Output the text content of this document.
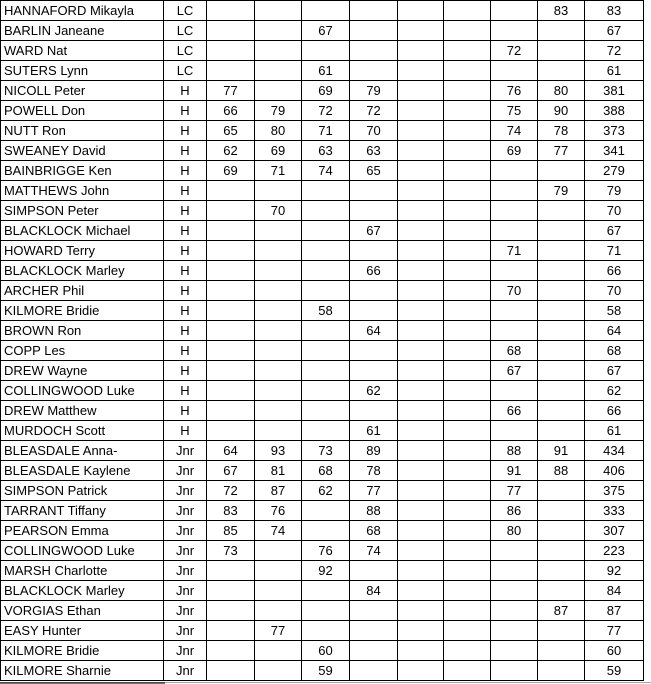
HANNAFORD Mikayla	LC								83	83
BARLIN Janeane	LC			67						67
WARD Nat	LC							72		72
SUTERS Lynn	LC			61						61
NICOLL Peter	H	77		69	79			76	80	381
POWELL Don	H	66	79	72	72			75	90	388
NUTT Ron	H	65	80	71	70			74	78	373
SWEANEY David	H	62	69	63	63			69	77	341
BAINBRIGGE Ken	H	69	71	74	65					279
MATTHEWS John	H								79	79
SIMPSON Peter	H		70							70
BLACKLOCK Michael	H				67					67
HOWARD Terry	H							71		71
BLACKLOCK Marley	H				66					66
ARCHER Phil	H							70		70
KILMORE Bridie	H			58						58
BROWN Ron	H				64					64
COPP Les	H							68		68
DREW Wayne	H							67		67
COLLINGWOOD Luke	H				62					62
DREW Matthew	H							66		66
MURDOCH Scott	H				61					61
BLEASDALE Anna-	Jnr	64	93	73	89			88	91	434
BLEASDALE Kaylene	Jnr	67	81	68	78			91	88	406
SIMPSON Patrick	Jnr	72	87	62	77			77		375
TARRANT Tiffany	Jnr	83	76		88			86		333
PEARSON Emma	Jnr	85	74		68			80		307
COLLINGWOOD Luke	Jnr	73		76	74					223
MARSH Charlotte	Jnr			92						92
BLACKLOCK Marley	Jnr				84					84
VORGIAS Ethan	Jnr								87	87
EASY Hunter	Jnr		77							77
KILMORE Bridie	Jnr			60						60
KILMORE Sharnie	Jnr			59						59
